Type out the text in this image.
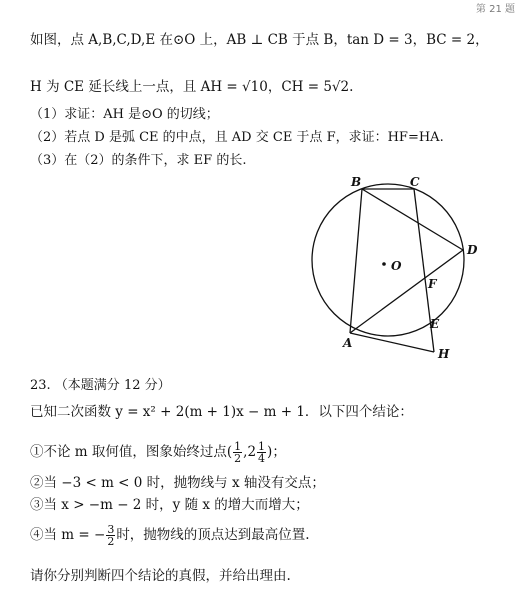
第 21 题
如图，点 A,B,C,D,E 在⊙O 上，AB ⊥ CB 于点 B，tan D = 3，BC = 2，
H 为 CE 延长线上一点，且 AH = √10，CH = 5√2.
（1）求证：AH 是⊙O 的切线；
（2）若点 D 是弧 CE 的中点，且 AD 交 CE 于点 F，求证：HF=HA.
（3）在（2）的条件下，求 EF 的长.
B	C
D
O
F
E
A
H
23. （本题满分 12 分）
已知二次函数 y = x² + 2(m + 1)x − m + 1．以下四个结论：
①不论 m 取何值，图象始终过点( $\frac{1}{2} ,2 \frac{1}{4}$ )；
②当 −3 < m < 0 时，抛物线与 x 轴没有交点；
③当 x > −m − 2 时，y 随 x 的增大而增大；
④当 m = − $\frac{3}{2}$ 时，抛物线的顶点达到最高位置.
请你分别判断四个结论的真假，并给出理由.
